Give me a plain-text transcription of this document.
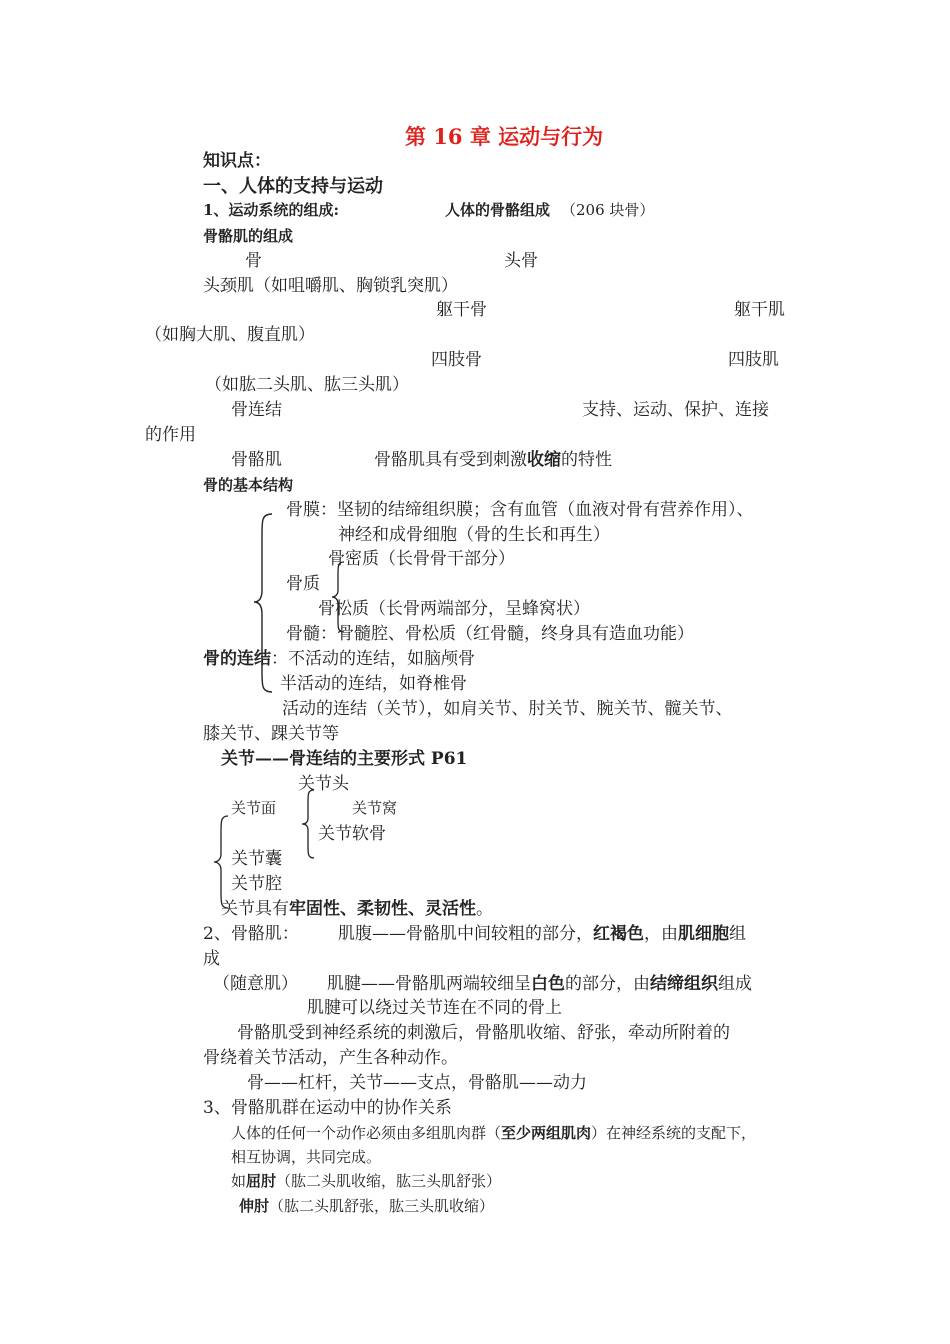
第 16 章 运动与行为
知识点：
一、人体的支持与运动
1、运动系统的组成:	人体的骨骼组成 （206 块骨）
骨骼肌的组成
骨	头骨
头颈肌（如咀嚼肌、胸锁乳突肌）
躯干骨	躯干肌
（如胸大肌、腹直肌）
四肢骨	四肢肌
（如肱二头肌、肱三头肌）
骨连结	支持、运动、保护、连接
的作用
骨骼肌	骨骼肌具有受到刺激收缩的特性
骨的基本结构
骨膜：坚韧的结缔组织膜；含有血管（血液对骨有营养作用）、
神经和成骨细胞（骨的生长和再生）
骨密质（长骨骨干部分）
骨质
骨松质（长骨两端部分，呈蜂窝状）
骨髓：骨髓腔、骨松质（红骨髓，终身具有造血功能）
骨的连结：不活动的连结，如脑颅骨
半活动的连结，如脊椎骨
活动的连结（关节），如肩关节、肘关节、腕关节、髋关节、
膝关节、踝关节等
关节——骨连结的主要形式 P61
关节头
关节面	关节窝
关节软骨
关节囊
关节腔
关节具有牢固性、柔韧性、灵活性。
2、骨骼肌： 肌腹——骨骼肌中间较粗的部分，红褐色，由肌细胞组
成
（随意肌） 肌腱——骨骼肌两端较细呈白色的部分，由结缔组织组成
肌腱可以绕过关节连在不同的骨上
骨骼肌受到神经系统的刺激后，骨骼肌收缩、舒张，牵动所附着的
骨绕着关节活动，产生各种动作。
骨——杠杆，关节——支点，骨骼肌——动力
3、骨骼肌群在运动中的协作关系
人体的任何一个动作必须由多组肌肉群（至少两组肌肉）在神经系统的支配下，
相互协调，共同完成。
如屈肘（肱二头肌收缩，肱三头肌舒张）
伸肘（肱二头肌舒张，肱三头肌收缩）
